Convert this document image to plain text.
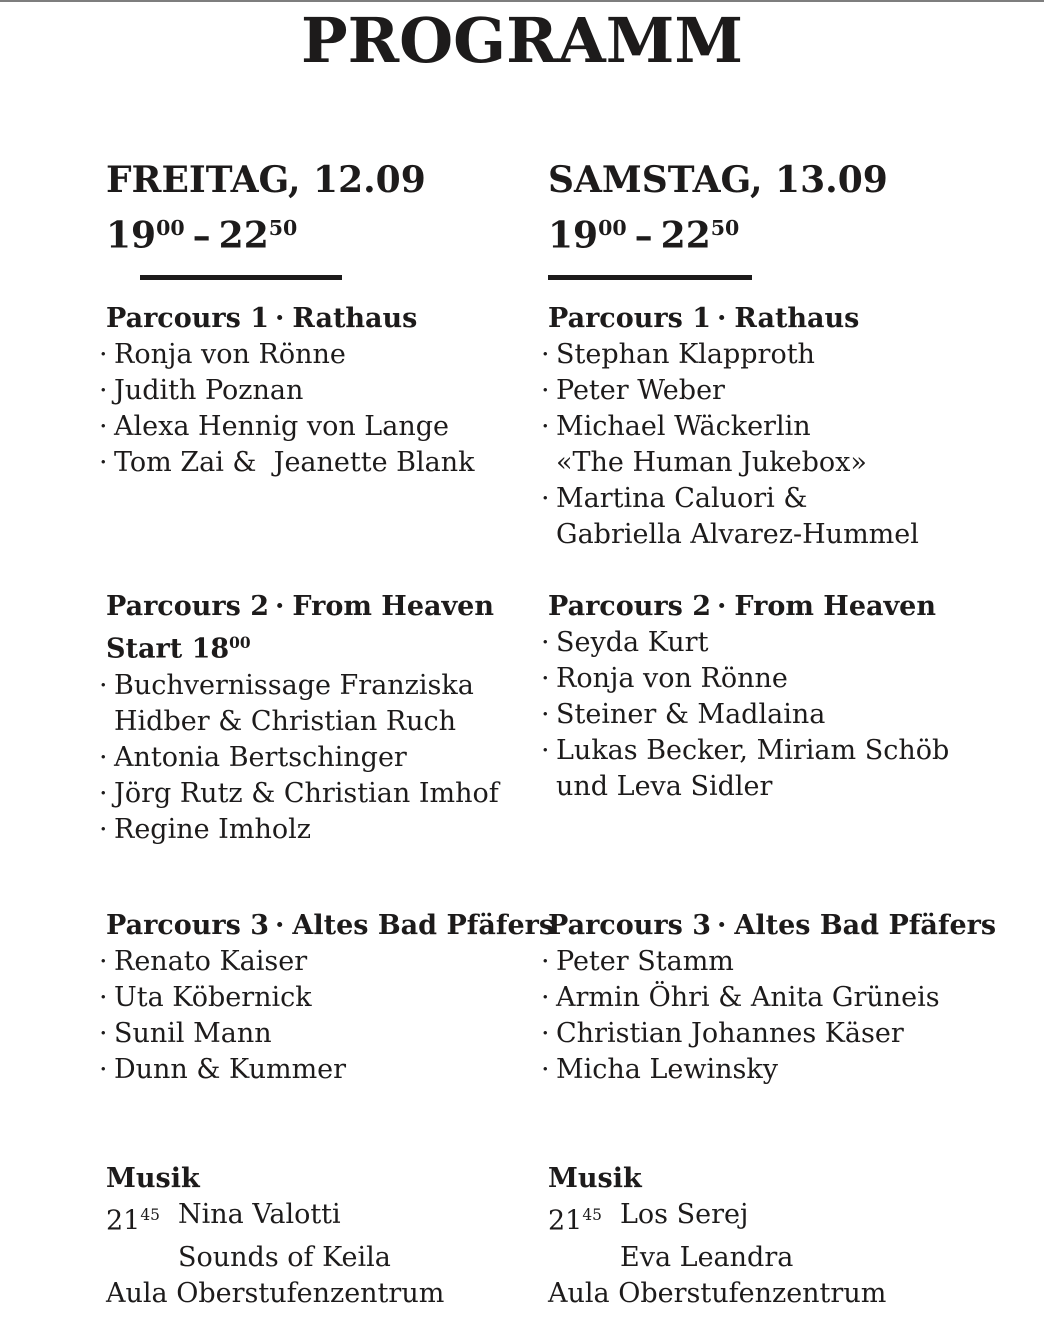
PROGRAMM
FREITAG, 12.09
$19^{00} - 22^{50}$
SAMSTAG, 13.09
$19^{00} - 22^{50}$
Parcours 1 · Rathaus
· Ronja von Rönne
· Judith Poznan
· Alexa Hennig von Lange
· Tom Zai &  Jeanette Blank
Parcours 1 · Rathaus
· Stephan Klapproth
· Peter Weber
· Michael Wäckerlin
«The Human Jukebox»
· Martina Caluori &
Gabriella Alvarez-Hummel
Parcours 2 · From Heaven
Start $18^{00}$
· Buchvernissage Franziska
Hidber & Christian Ruch
· Antonia Bertschinger
· Jörg Rutz & Christian Imhof
· Regine Imholz
Parcours 2 · From Heaven
· Seyda Kurt
· Ronja von Rönne
· Steiner & Madlaina
· Lukas Becker, Miriam Schöb
und Leva Sidler
Parcours 3 · Altes Bad Pfäfers
· Renato Kaiser
· Uta Köbernick
· Sunil Mann
· Dunn & Kummer
Parcours 3 · Altes Bad Pfäfers
· Peter Stamm
· Armin Öhri & Anita Grüneis
· Christian Johannes Käser
· Micha Lewinsky
Musik
$21^{45}$ Nina Valotti
Sounds of Keila
Aula Oberstufenzentrum
Musik
$21^{45}$ Los Serej
Eva Leandra
Aula Oberstufenzentrum
